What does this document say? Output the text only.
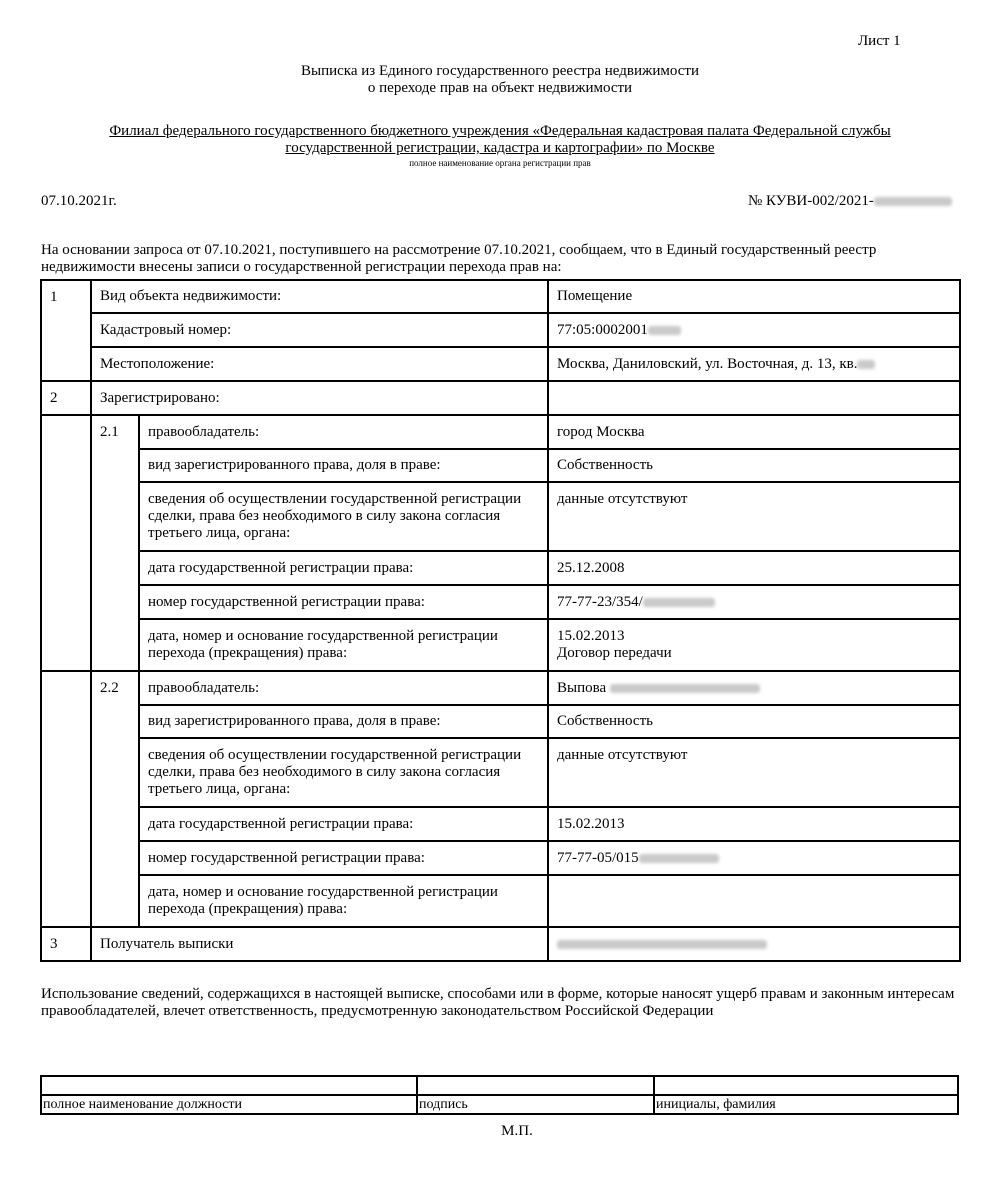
Лист 1
Выписка из Единого государственного реестра недвижимости
о переходе прав на объект недвижимости
Филиал федерального государственного бюджетного учреждения «Федеральная кадастровая палата Федеральной службы
государственной регистрации, кадастра и картографии» по Москве
полное наименование органа регистрации прав
07.10.2021г.	№ КУВИ-002/2021-
На основании запроса от 07.10.2021, поступившего на рассмотрение 07.10.2021, сообщаем, что в Единый государственный реестр недвижимости внесены записи о государственной регистрации перехода прав на:
1	Вид объекта недвижимости:		Помещение
	Кадастровый номер:		77:05:0002001
	Местоположение:		Москва, Даниловский, ул. Восточная, д. 13, кв.
2	Зарегистрировано:		
	2.1	правообладатель:	город Москва
		вид зарегистрированного права, доля в праве:	Собственность
		сведения об осуществлении государственной регистрации сделки, права без необходимого в силу закона согласия третьего лица, органа:	данные отсутствуют
		дата государственной регистрации права:	25.12.2008
		номер государственной регистрации права:	77-77-23/354/
		дата, номер и основание государственной регистрации перехода (прекращения) права:	15.02.2013
Договор передачи

	2.2	правообладатель:	Выпова
		вид зарегистрированного права, доля в праве:	Собственность
		сведения об осуществлении государственной регистрации сделки, права без необходимого в силу закона согласия третьего лица, органа:	данные отсутствуют
		дата государственной регистрации права:	15.02.2013
		номер государственной регистрации права:	77-77-05/015
		дата, номер и основание государственной регистрации перехода (прекращения) права:	

3	Получатель выписки		
Использование сведений, содержащихся в настоящей выписке, способами или в форме, которые наносят ущерб правам и законным интересам правообладателей, влечет ответственность, предусмотренную законодательством Российской Федерации

полное наименование должности	подпись	инициалы, фамилия
М.П.
